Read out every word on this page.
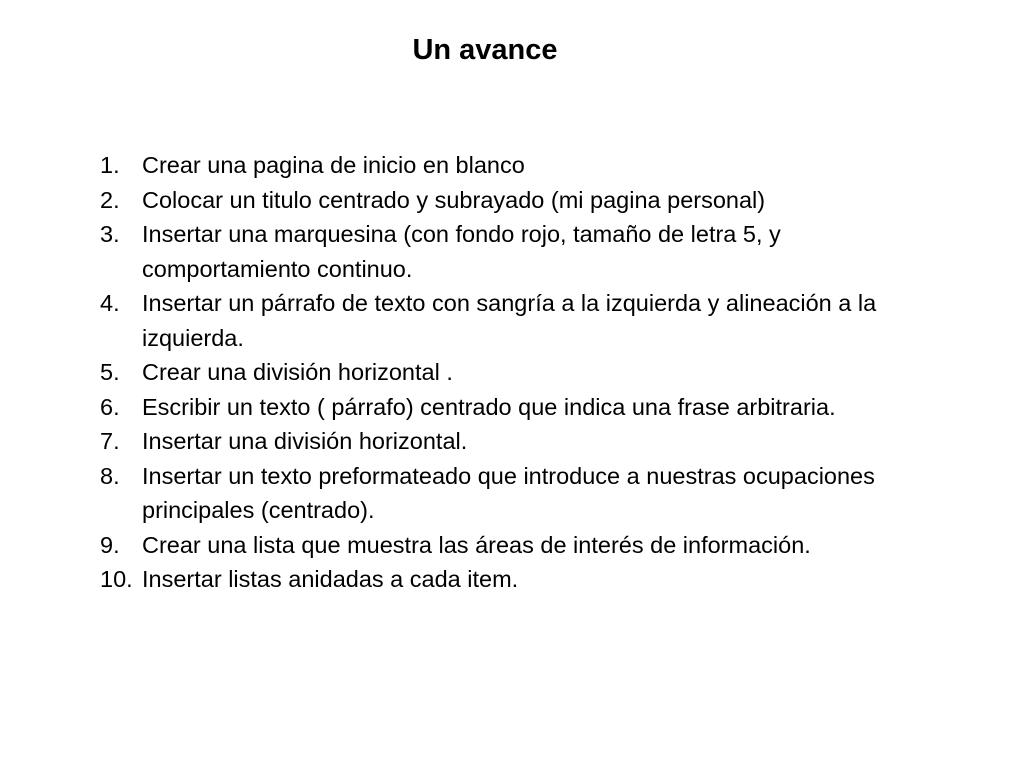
Un avance
1. Crear una pagina de inicio en blanco
2. Colocar un titulo centrado y subrayado (mi pagina personal)
3. Insertar una marquesina (con fondo rojo, tamaño de letra 5, y comportamiento continuo.
4. Insertar un párrafo de texto con sangría a la izquierda y alineación a la izquierda.
5. Crear una división horizontal .
6. Escribir un texto ( párrafo) centrado que indica una frase arbitraria.
7. Insertar una división horizontal.
8. Insertar un texto preformateado que introduce a nuestras ocupaciones principales (centrado).
9. Crear una lista que muestra las áreas de interés de información.
10. Insertar listas anidadas a cada item.
